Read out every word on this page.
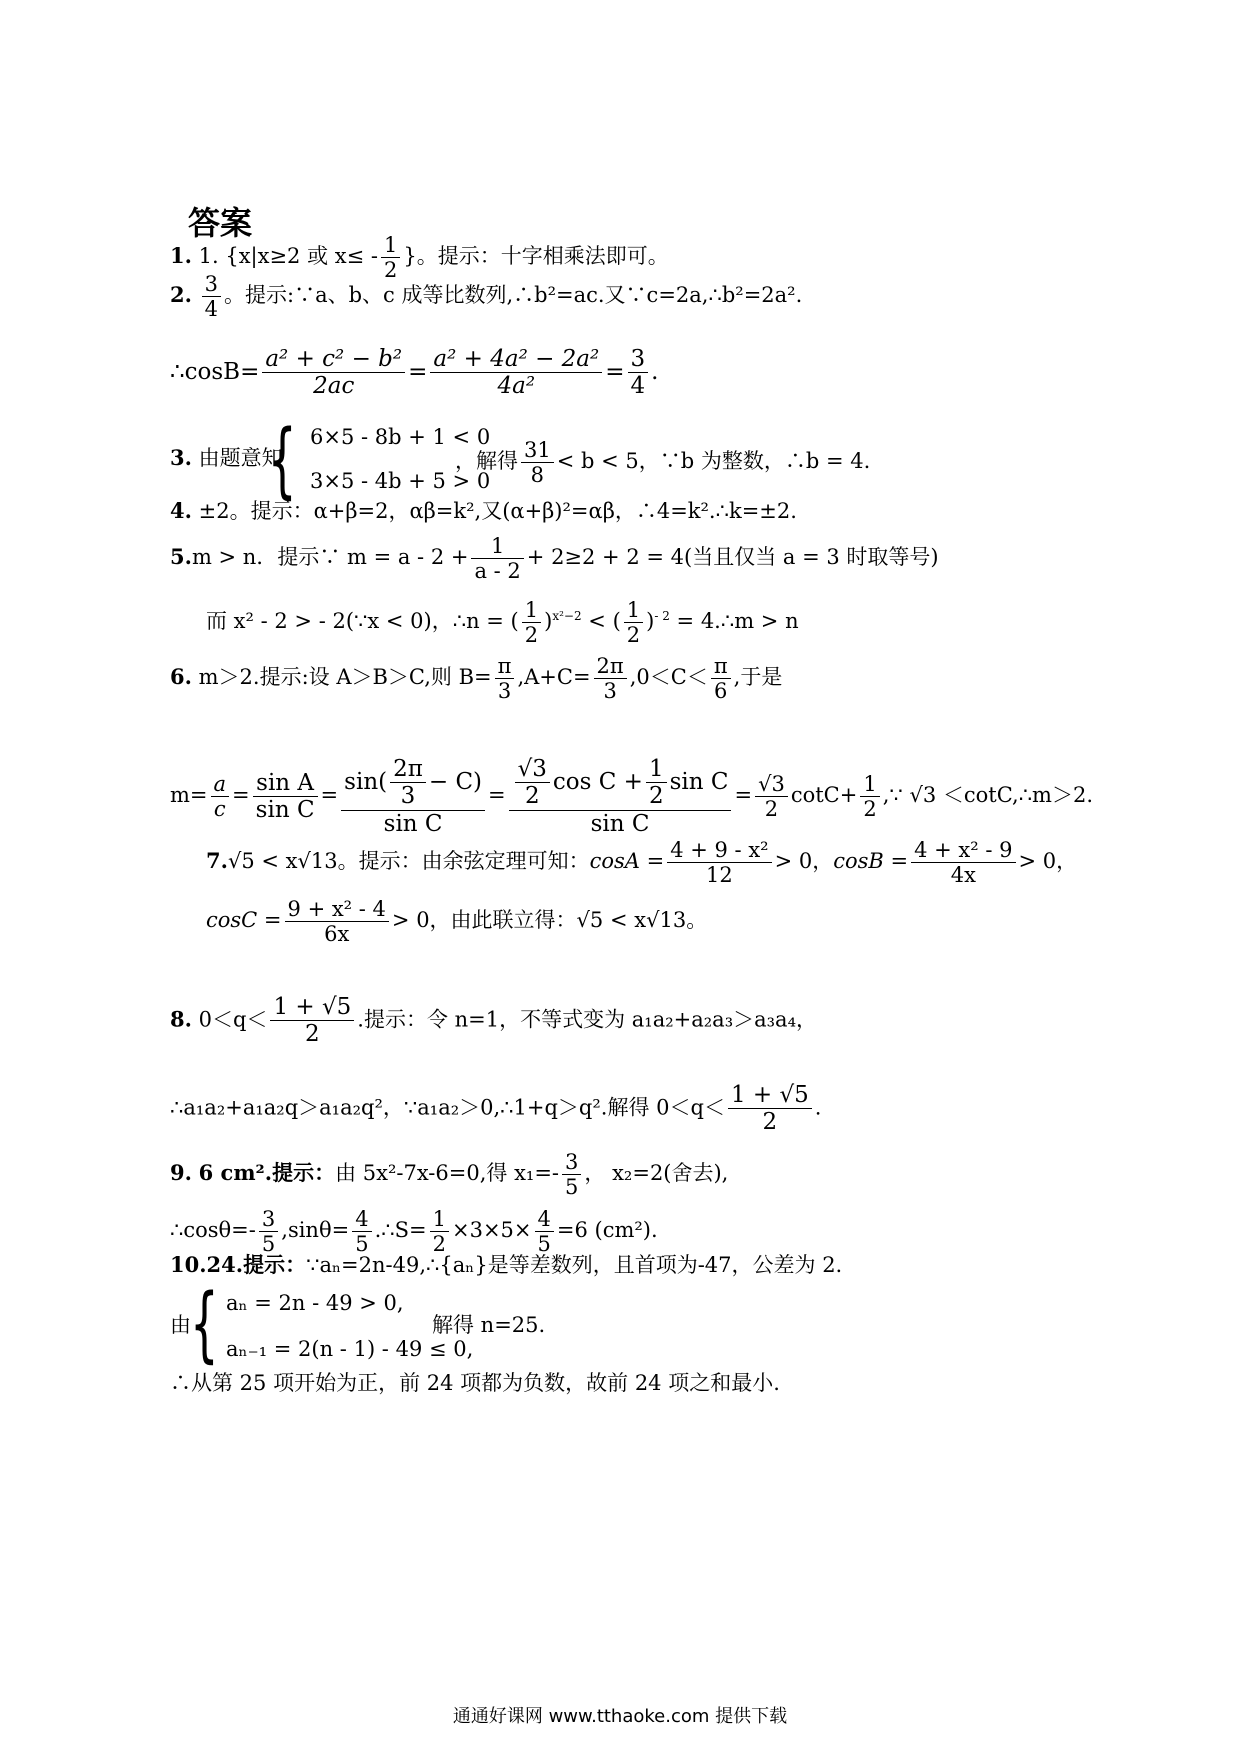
答案
1. 1. {x|x≥2 或 $x\le - \frac{1}{2}$ }。提示：十字相乘法即可。
2. $\frac{3}{4}$ 。提示:∵a、b、c 成等比数列,∴b²=ac.又∵c=2a,∴b²=2a².
∴cosB= $\frac{\text{a² + c² − b²}}{2ac} = \frac{\text{a² + 4a² − 2a²}}{\text{4a²}} = \frac{3}{4}$ .
3. 由题意知
{ 6×5 - 8b + 1 < 0
3×5 - 4b + 5 > 0
，解得 $\frac{31}{8} < b < 5$，∵b 为整数，∴b = 4.
4. ±2。提示：α+β=2，αβ=k²,又(α+β)²=αβ，∴4=k².∴k=±2.
5.m > n．提示∵ $m = a - 2 + \frac{1}{a - 2} + 2\ge 2 + 2 = 4$(当且仅当 a = 3 时取等号)
而 x² - 2 > - 2(∵x < 0)，∴n = ( $\frac{1}{2} )^{x^2-2}$ < ( $\frac{1}{2} )^{- 2}$ = 4.∴m > n
6. m＞2.提示:设 A＞B＞C,则 $B= \frac{\pi}{3} ,A+C= \frac{2\pi}{3} ,0<C< \frac{\pi}{6}$ ,于是
$m= \frac{a}{c} = \frac{\text{sin A}}{\text{sin C}} = \frac{\sin( \frac{2\pi}{3} - C)}{\text{sin C}} = \frac{\frac{√3}{2} \cos C + \frac{1}{2} \sin C}{\text{sin C}} = \frac{√3}{2} \cot C+ \frac{1}{2}$ ,∵ √3 ＜cotC,∴m＞2.
7.√5 < x√13。提示：由余弦定理可知：$\cos A = \frac{\text{4 + 9 - x²}}{12} > 0$，$\cos B = \frac{\text{4 + x² - 9}}{4x} > 0$，
$\cos C = \frac{\text{9 + x² - 4}}{6x} > 0$，由此联立得：√5 < x√13。
8. $0<q< \frac{1 + √5}{2}$ .提示：令 n=1，不等式变为 a₁a₂+a₂a₃＞a₃a₄，
∴a₁a₂+a₁a₂q＞a₁a₂q²，∵a₁a₂＞0,∴1+q＞q².解得 $0<q< \frac{1 + √5}{2}$ .
9. 6 cm².提示：由 5x²-7x-6=0,得 $x_1=- \frac{3}{5}$ ， x₂=2(舍去),
∴cosθ=- $\frac{3}{5} ,\sin\theta= \frac{4}{5}$ .∴S= $\frac{1}{2} \times 3\times 5\times \frac{4}{5} =6$ (cm²).
10.24.提示：∵aₙ=2n-49,∴{aₙ}是等差数列，且首项为-47，公差为 2.
由 { aₙ = 2n - 49 > 0,
aₙ₋₁ = 2(n - 1) - 49 ≤ 0,
解得 n=25.
∴从第 25 项开始为正，前 24 项都为负数，故前 24 项之和最小.
通通好课网 www.tthaoke.com 提供下载
